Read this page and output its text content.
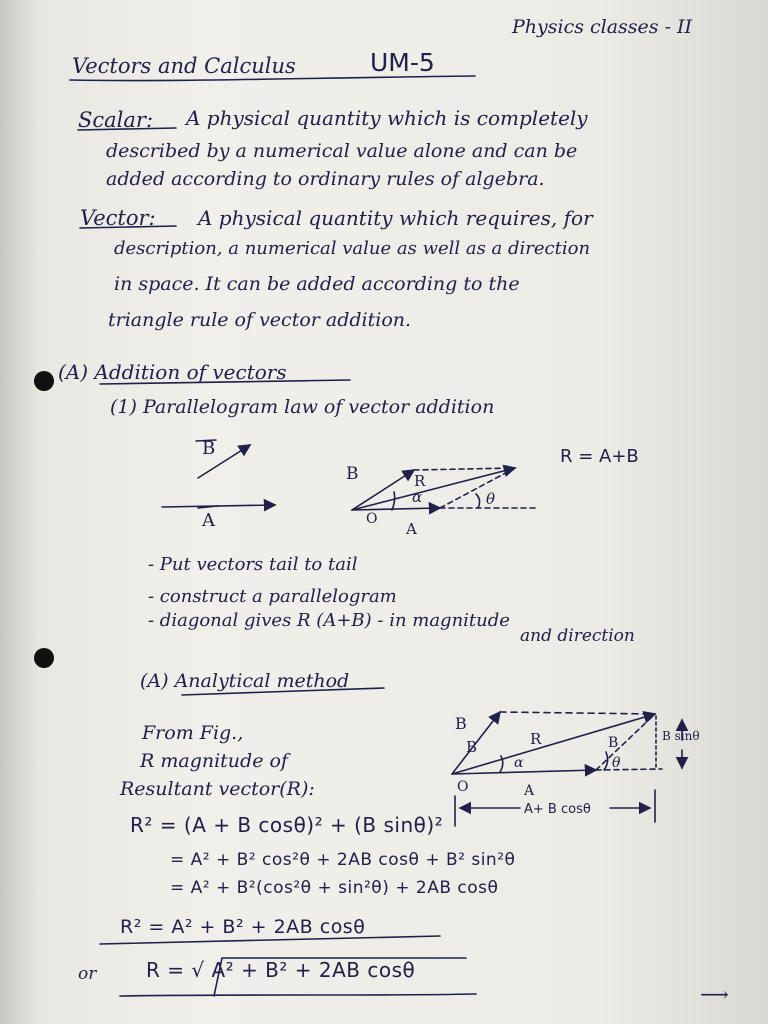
Physics classes - II
Vectors and Calculus	UM-5
Scalar: A physical quantity which is completely
described by a numerical value alone and can be
added according to ordinary rules of algebra.
Vector: A physical quantity which requires, for
description, a numerical value as well as a direction
in space. It can be added according to the
triangle rule of vector addition.
(A) Addition of vectors
(1) Parallelogram law of vector addition
B
A
B	R
α	θ
O
A
R = A+B
- Put vectors tail to tail
- construct a parallelogram
- diagonal gives R (A+B) - in magnitude
and direction
(A) Analytical method
From Fig.,
R magnitude of
Resultant vector(R):
B
B	R	B	B sinθ
α	θ
O	A
A+ B cosθ
R² = (A + B cosθ)² + (B sinθ)²
= A² + B² cos²θ + 2AB cosθ + B² sin²θ
= A² + B²(cos²θ + sin²θ) + 2AB cosθ
R² = A² + B² + 2AB cosθ
or R = √ A² + B² + 2AB cosθ
⟶
